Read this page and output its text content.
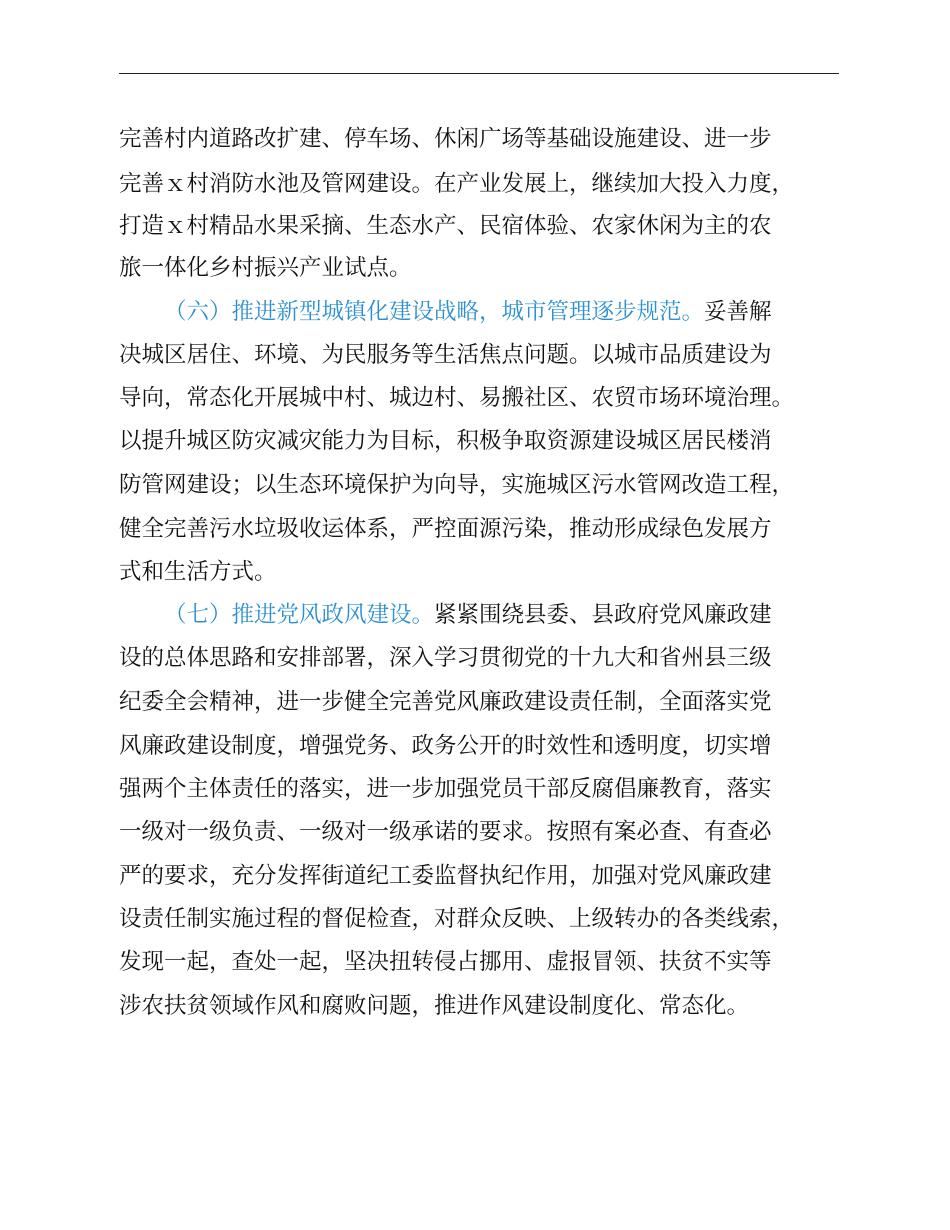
完善村内道路改扩建、停车场、休闲广场等基础设施建设、进一步
完善ｘ村消防水池及管网建设。在产业发展上，继续加大投入力度，
打造ｘ村精品水果采摘、生态水产、民宿体验、农家休闲为主的农
旅一体化乡村振兴产业试点。
（六）推进新型城镇化建设战略，城市管理逐步规范。妥善解
决城区居住、环境、为民服务等生活焦点问题。以城市品质建设为
导向，常态化开展城中村、城边村、易搬社区、农贸市场环境治理。
以提升城区防灾减灾能力为目标，积极争取资源建设城区居民楼消
防管网建设；以生态环境保护为向导，实施城区污水管网改造工程，
健全完善污水垃圾收运体系，严控面源污染，推动形成绿色发展方
式和生活方式。
（七）推进党风政风建设。紧紧围绕县委、县政府党风廉政建
设的总体思路和安排部署，深入学习贯彻党的十九大和省州县三级
纪委全会精神，进一步健全完善党风廉政建设责任制，全面落实党
风廉政建设制度，增强党务、政务公开的时效性和透明度，切实增
强两个主体责任的落实，进一步加强党员干部反腐倡廉教育，落实
一级对一级负责、一级对一级承诺的要求。按照有案必查、有查必
严的要求，充分发挥街道纪工委监督执纪作用，加强对党风廉政建
设责任制实施过程的督促检查，对群众反映、上级转办的各类线索，
发现一起，查处一起，坚决扭转侵占挪用、虚报冒领、扶贫不实等
涉农扶贫领域作风和腐败问题，推进作风建设制度化、常态化。
